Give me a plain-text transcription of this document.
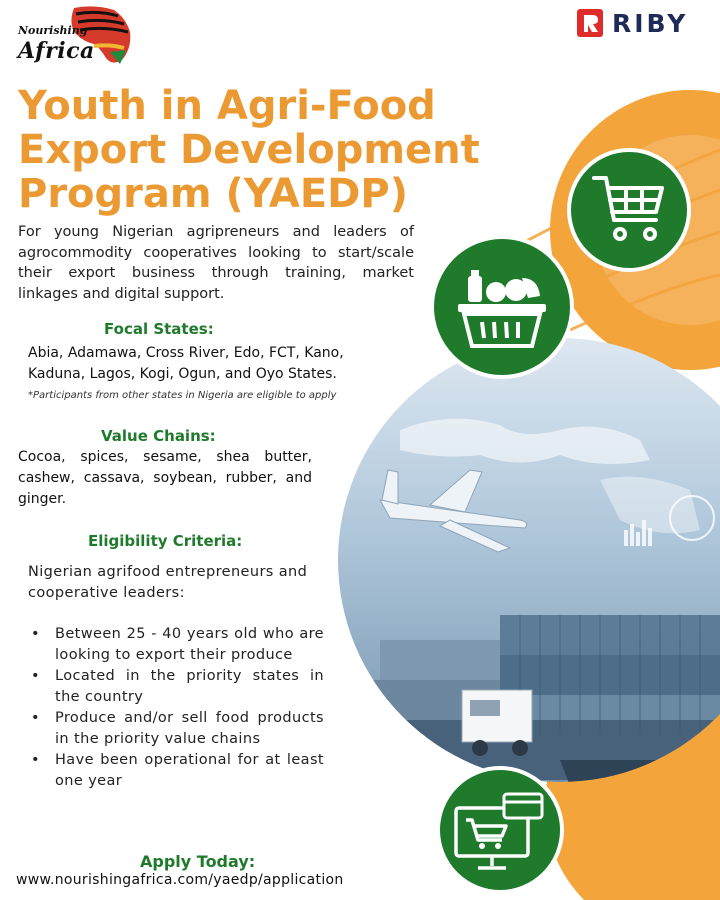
Nourishing
Africa
RIBY
Youth in Agri-Food Export Development Program (YAEDP)
For young Nigerian agripreneurs and leaders of agrocommodity cooperatives looking to start/scale their export business through training, market linkages and digital support.
Focal States:
Abia, Adamawa, Cross River, Edo, FCT, Kano, Kaduna, Lagos, Kogi, Ogun, and Oyo States.
*Participants from other states in Nigeria are eligible to apply
Value Chains:
Cocoa, spices, sesame, shea butter, cashew, cassava, soybean, rubber, and ginger.
Eligibility Criteria:
Nigerian agrifood entrepreneurs and cooperative leaders:
• Between 25 - 40 years old who are looking to export their produce
• Located in the priority states in the country
• Produce and/or sell food products in the priority value chains
• Have been operational for at least one year
Apply Today:
www.nourishingafrica.com/yaedp/application
